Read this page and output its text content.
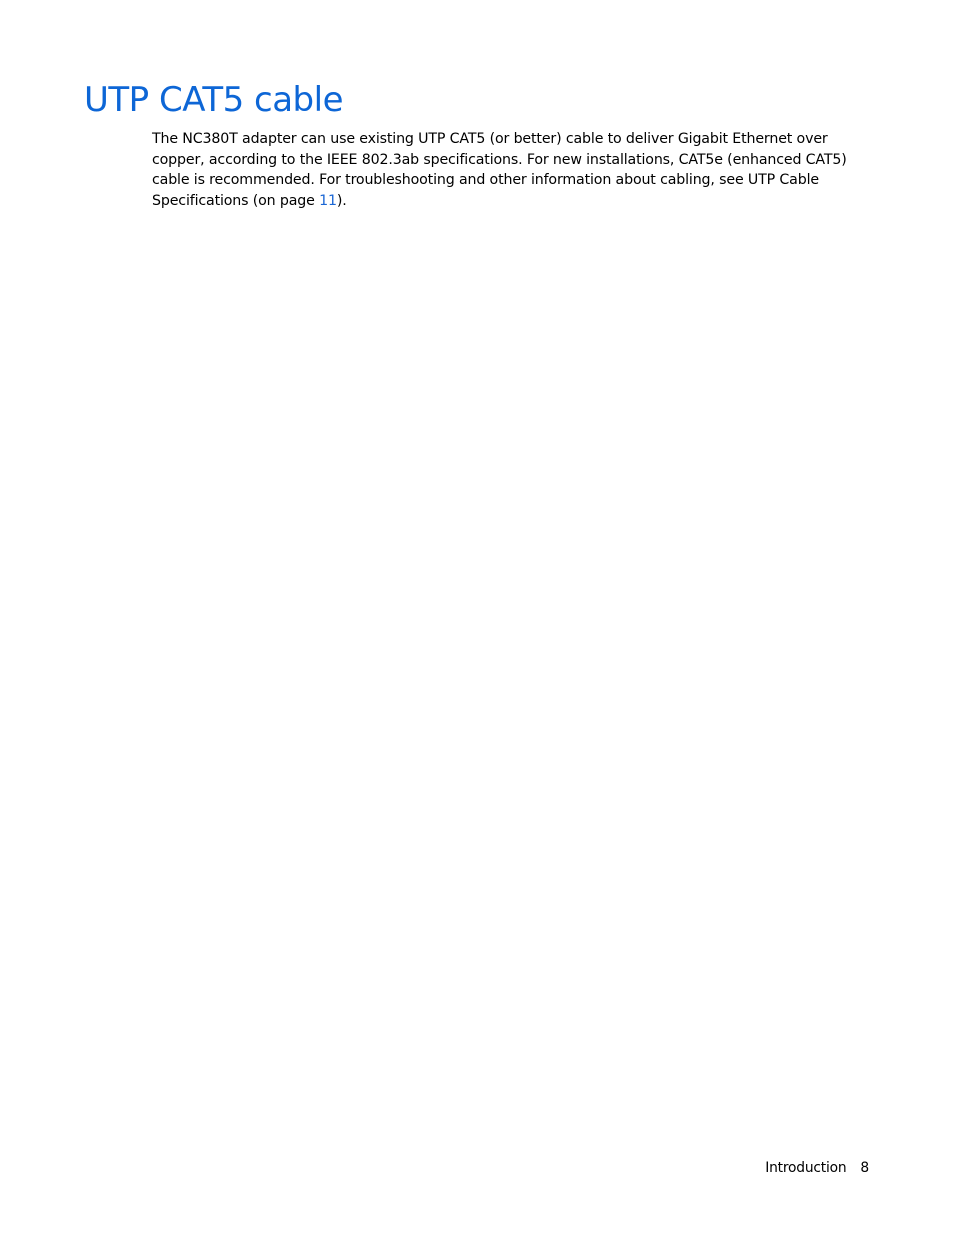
UTP CAT5 cable

The NC380T adapter can use existing UTP CAT5 (or better) cable to deliver Gigabit Ethernet over copper, according to the IEEE 802.3ab specifications. For new installations, CAT5e (enhanced CAT5) cable is recommended. For troubleshooting and other information about cabling, see UTP Cable Specifications (on page 11).

Introduction 8
